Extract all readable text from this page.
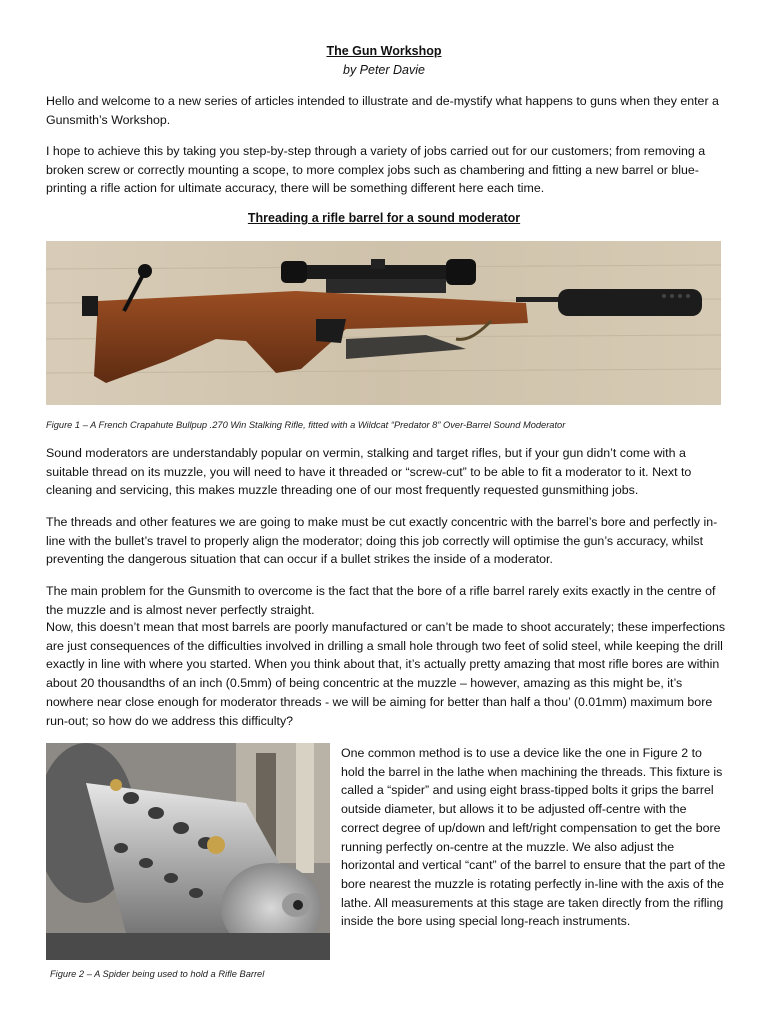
The Gun Workshop
by Peter Davie

Hello and welcome to a new series of articles intended to illustrate and de-mystify what happens to guns when they enter a Gunsmith’s Workshop.

I hope to achieve this by taking you step-by-step through a variety of jobs carried out for our customers; from removing a broken screw or correctly mounting a scope, to more complex jobs such as chambering and fitting a new barrel or blue-printing a rifle action for ultimate accuracy, there will be something different here each time.

Threading a rifle barrel for a sound moderator
Figure 1 – A French Crapahute Bullpup .270 Win Stalking Rifle, fitted with a Wildcat “Predator 8” Over-Barrel Sound Moderator

Sound moderators are understandably popular on vermin, stalking and target rifles, but if your gun didn’t come with a suitable thread on its muzzle, you will need to have it threaded or “screw-cut” to be able to fit a moderator to it. Next to cleaning and servicing, this makes muzzle threading one of our most frequently requested gunsmithing jobs.

The threads and other features we are going to make must be cut exactly concentric with the barrel’s bore and perfectly in-line with the bullet’s travel to properly align the moderator; doing this job correctly will optimise the gun’s accuracy, whilst preventing the dangerous situation that can occur if a bullet strikes the inside of a moderator.

The main problem for the Gunsmith to overcome is the fact that the bore of a rifle barrel rarely exits exactly in the centre of the muzzle and is almost never perfectly straight.

Now, this doesn’t mean that most barrels are poorly manufactured or can’t be made to shoot accurately; these imperfections are just consequences of the difficulties involved in drilling a small hole through two feet of solid steel, while keeping the drill exactly in line with where you started. When you think about that, it’s actually pretty amazing that most rifle bores are within about 20 thousandths of an inch (0.5mm) of being concentric at the muzzle – however, amazing as this might be, it’s nowhere near close enough for moderator threads - we will be aiming for better than half a thou’ (0.01mm) maximum bore run-out; so how do we address this difficulty?

One common method is to use a device like the one in Figure 2 to hold the barrel in the lathe when machining the threads. This fixture is called a “spider” and using eight brass-tipped bolts it grips the barrel outside diameter, but allows it to be adjusted off-centre with the correct degree of up/down and left/right compensation to get the bore running perfectly on-centre at the muzzle. We also adjust the horizontal and vertical “cant” of the barrel to ensure that the part of the bore nearest the muzzle is rotating perfectly in-line with the axis of the lathe. All measurements at this stage are taken directly from the rifling inside the bore using special long-reach instruments.

Figure 2 – A Spider being used to hold a Rifle Barrel
